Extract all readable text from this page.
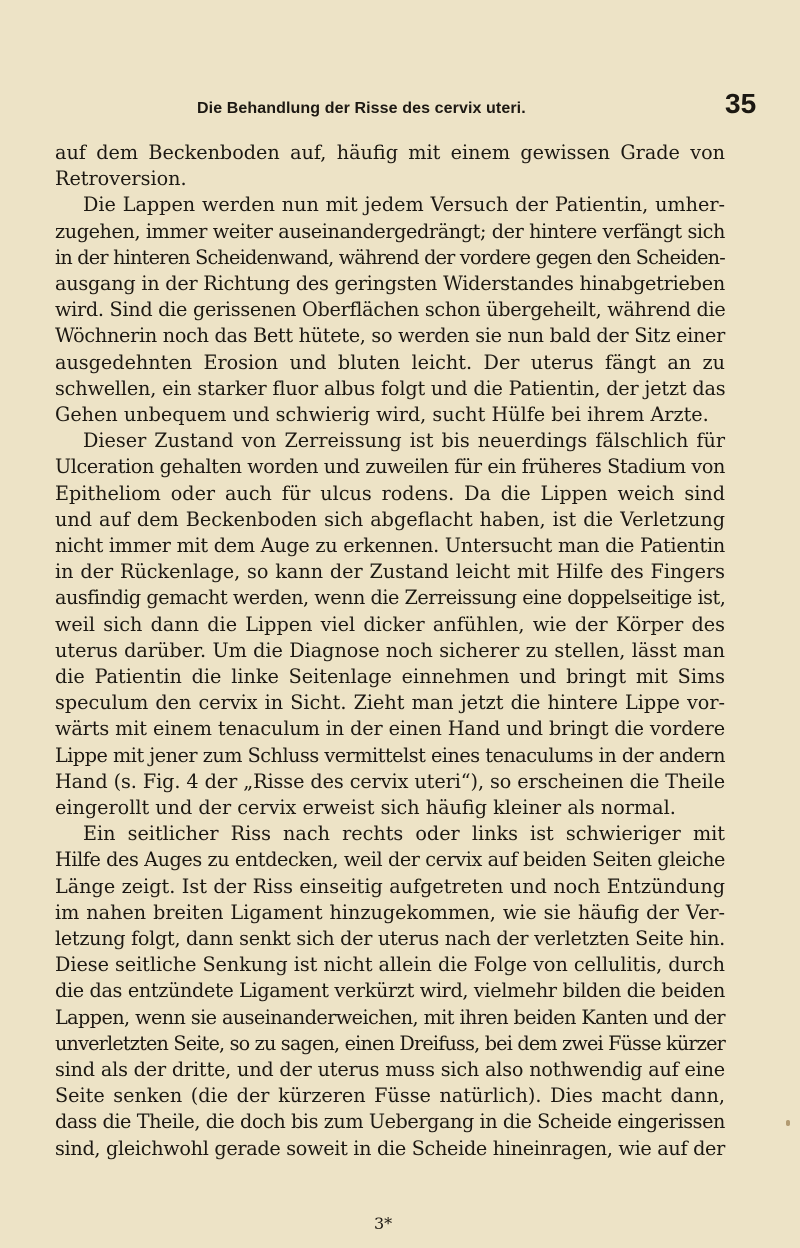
Die Behandlung der Risse des cervix uteri.	35
auf dem Beckenboden auf, häufig mit einem gewissen Grade von
Retroversion.
Die Lappen werden nun mit jedem Versuch der Patientin, umher-
zugehen, immer weiter auseinandergedrängt; der hintere verfängt sich
in der hinteren Scheidenwand, während der vordere gegen den Scheiden-
ausgang in der Richtung des geringsten Widerstandes hinabgetrieben
wird. Sind die gerissenen Oberflächen schon übergeheilt, während die
Wöchnerin noch das Bett hütete, so werden sie nun bald der Sitz einer
ausgedehnten Erosion und bluten leicht. Der uterus fängt an zu
schwellen, ein starker fluor albus folgt und die Patientin, der jetzt das
Gehen unbequem und schwierig wird, sucht Hülfe bei ihrem Arzte.
Dieser Zustand von Zerreissung ist bis neuerdings fälschlich für
Ulceration gehalten worden und zuweilen für ein früheres Stadium von
Epitheliom oder auch für ulcus rodens. Da die Lippen weich sind
und auf dem Beckenboden sich abgeflacht haben, ist die Verletzung
nicht immer mit dem Auge zu erkennen. Untersucht man die Patientin
in der Rückenlage, so kann der Zustand leicht mit Hilfe des Fingers
ausfindig gemacht werden, wenn die Zerreissung eine doppelseitige ist,
weil sich dann die Lippen viel dicker anfühlen, wie der Körper des
uterus darüber. Um die Diagnose noch sicherer zu stellen, lässt man
die Patientin die linke Seitenlage einnehmen und bringt mit Sims
speculum den cervix in Sicht. Zieht man jetzt die hintere Lippe vor-
wärts mit einem tenaculum in der einen Hand und bringt die vordere
Lippe mit jener zum Schluss vermittelst eines tenaculums in der andern
Hand (s. Fig. 4 der „Risse des cervix uteri“), so erscheinen die Theile
eingerollt und der cervix erweist sich häufig kleiner als normal.
Ein seitlicher Riss nach rechts oder links ist schwieriger mit
Hilfe des Auges zu entdecken, weil der cervix auf beiden Seiten gleiche
Länge zeigt. Ist der Riss einseitig aufgetreten und noch Entzündung
im nahen breiten Ligament hinzugekommen, wie sie häufig der Ver-
letzung folgt, dann senkt sich der uterus nach der verletzten Seite hin.
Diese seitliche Senkung ist nicht allein die Folge von cellulitis, durch
die das entzündete Ligament verkürzt wird, vielmehr bilden die beiden
Lappen, wenn sie auseinanderweichen, mit ihren beiden Kanten und der
unverletzten Seite, so zu sagen, einen Dreifuss, bei dem zwei Füsse kürzer
sind als der dritte, und der uterus muss sich also nothwendig auf eine
Seite senken (die der kürzeren Füsse natürlich). Dies macht dann,
dass die Theile, die doch bis zum Uebergang in die Scheide eingerissen
sind, gleichwohl gerade soweit in die Scheide hineinragen, wie auf der
3*
